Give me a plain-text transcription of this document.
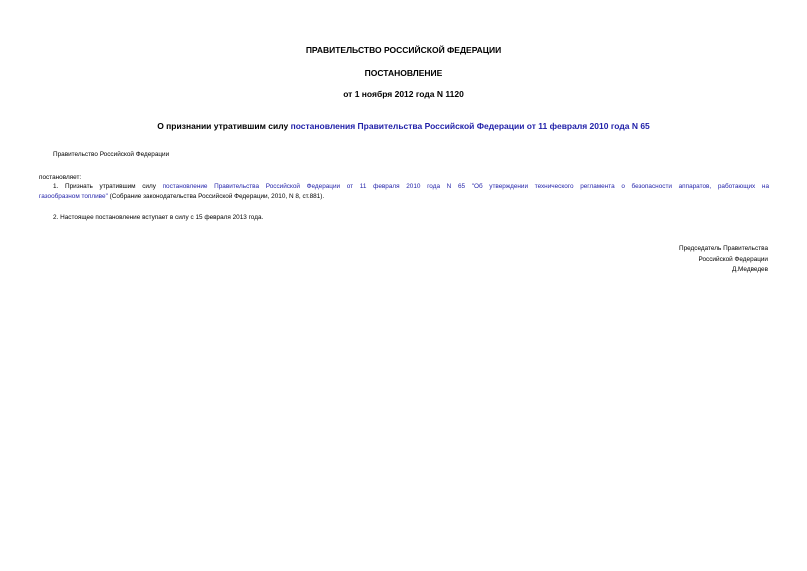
ПРАВИТЕЛЬСТВО РОССИЙСКОЙ ФЕДЕРАЦИИ
ПОСТАНОВЛЕНИЕ
от 1 ноября 2012 года N 1120
О признании утратившим силу постановления Правительства Российской Федерации от 11 февраля 2010 года N 65
Правительство Российской Федерации
постановляет:
1. Признать утратившим силу постановление Правительства Российской Федерации от 11 февраля 2010 года N 65 "Об утверждении технического регламента о безопасности аппаратов, работающих на
газообразном топливе" (Собрание законодательства Российской Федерации, 2010, N 8, ст.881).
2. Настоящее постановление вступает в силу с 15 февраля 2013 года.
Председатель Правительства
Российской Федерации
Д.Медведев
